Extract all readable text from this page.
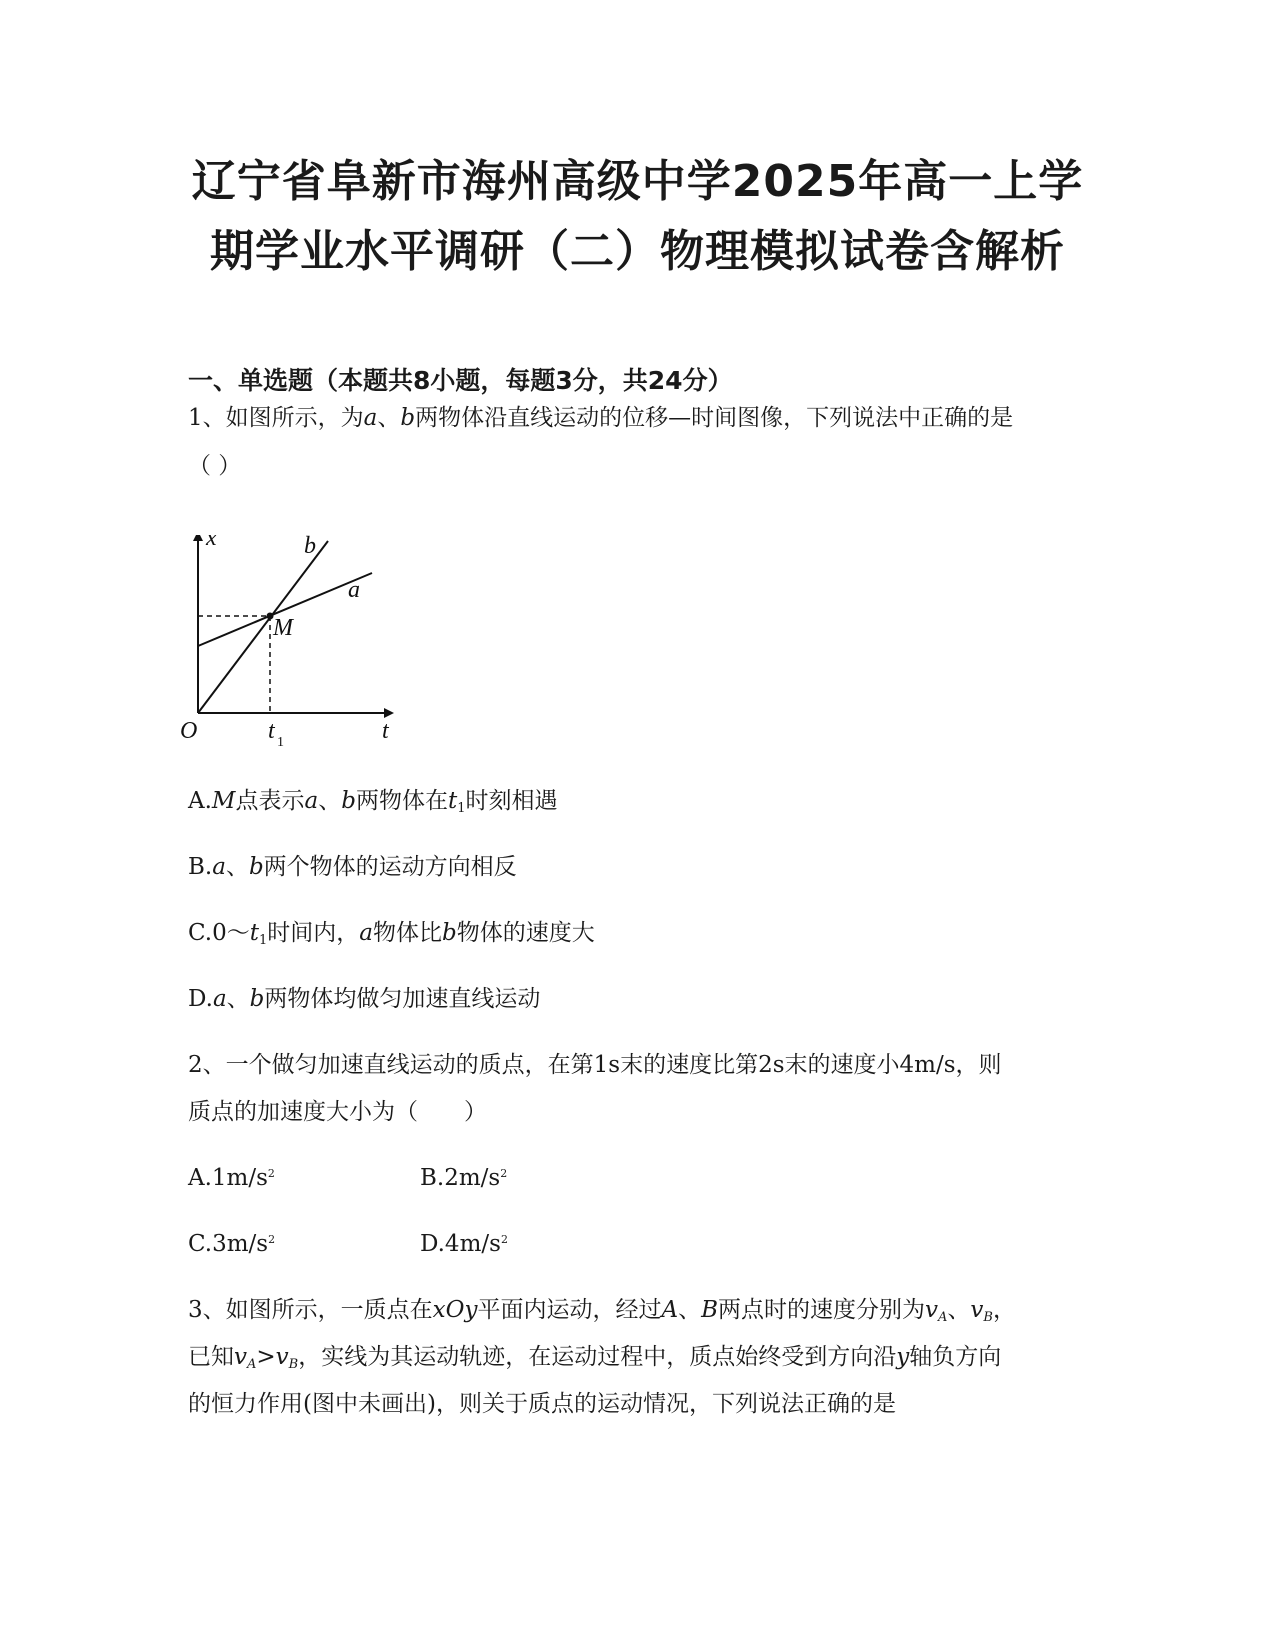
辽宁省阜新市海州高级中学2025年高一上学
期学业水平调研（二）物理模拟试卷含解析
一、单选题（本题共8小题，每题3分，共24分）
1、如图所示，为a、b两物体沿直线运动的位移—时间图像，下列说法中正确的是
（ ）
x	b
a
M
O	t 1	t
A.M点表示a、b两物体在$t_1$时刻相遇
B.a、b两个物体的运动方向相反
$C.0\sim t_1$时间内，a物体比b物体的速度大
D.a、b两物体均做匀加速直线运动
2、一个做匀加速直线运动的质点，在第1s末的速度比第2s末的速度小4m/s，则
质点的加速度大小为（　　）
$A.1m/s^2$	$B.2m/s^2$
$C.3m/s^2$	$D.4m/s^2$
3、如图所示，一质点在xOy平面内运动，经过A、B两点时的速度分别为$v_A$、$v_B$，
已知$v_A>v_B$，实线为其运动轨迹，在运动过程中，质点始终受到方向沿y轴负方向
的恒力作用(图中未画出)，则关于质点的运动情况，下列说法正确的是
